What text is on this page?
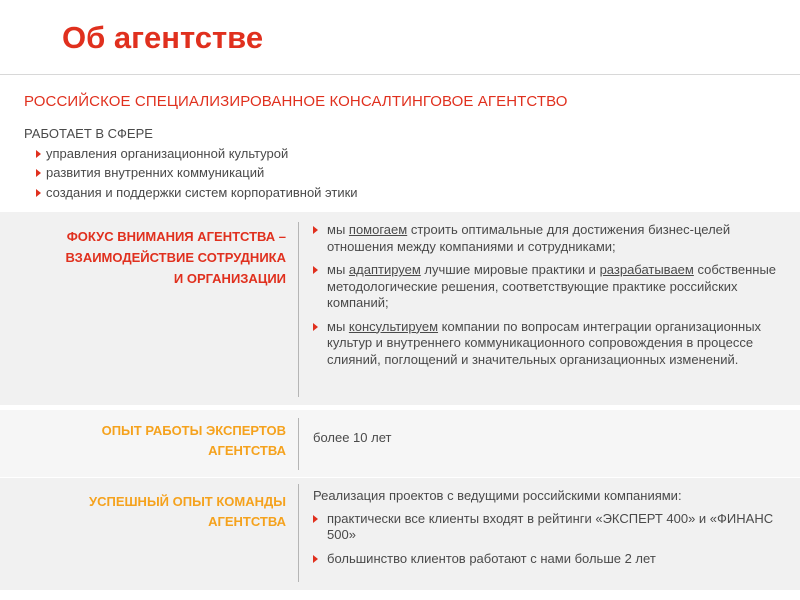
Об агентстве
РОССИЙСКОЕ СПЕЦИАЛИЗИРОВАННОЕ КОНСАЛТИНГОВОЕ АГЕНТСТВО
РАБОТАЕТ В СФЕРЕ
управления организационной культурой
развития внутренних коммуникаций
создания и поддержки систем корпоративной этики
ФОКУС ВНИМАНИЯ АГЕНТСТВА –
ВЗАИМОДЕЙСТВИЕ СОТРУДНИКА
И ОРГАНИЗАЦИИ
мы помогаем строить оптимальные для достижения бизнес-целей отношения между компаниями и сотрудниками;
мы адаптируем лучшие мировые практики и разрабатываем собственные методологические решения, соответствующие практике российских компаний;
мы консультируем компании по вопросам интеграции организационных культур и внутреннего коммуникационного сопровождения в процессе слияний, поглощений и значительных организационных изменений.
ОПЫТ РАБОТЫ ЭКСПЕРТОВ
АГЕНТСТВА
более 10 лет
УСПЕШНЫЙ ОПЫТ КОМАНДЫ
АГЕНТСТВА
Реализация проектов с ведущими российскими компаниями:
практически все клиенты входят в рейтинги «ЭКСПЕРТ 400» и «ФИНАНС 500»
большинство клиентов работают с нами больше 2 лет
